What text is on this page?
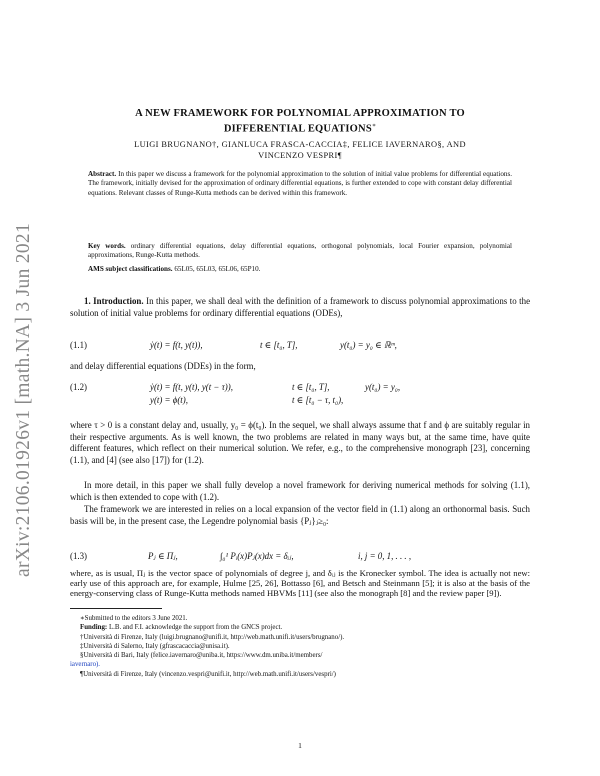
arXiv:2106.01926v1 [math.NA] 3 Jun 2021
A NEW FRAMEWORK FOR POLYNOMIAL APPROXIMATION TO
DIFFERENTIAL EQUATIONS∗
LUIGI BRUGNANO†, GIANLUCA FRASCA-CACCIA‡, FELICE IAVERNARO§, AND
VINCENZO VESPRI¶
Abstract. In this paper we discuss a framework for the polynomial approximation to the solution of initial value problems for differential equations. The framework, initially devised for the approximation of ordinary differential equations, is further extended to cope with constant delay differential equations. Relevant classes of Runge-Kutta methods can be derived within this framework.
Key words. ordinary differential equations, delay differential equations, orthogonal polynomials, local Fourier expansion, polynomial approximations, Runge-Kutta methods.
AMS subject classifications. 65L05, 65L03, 65L06, 65P10.
1. Introduction. In this paper, we shall deal with the definition of a framework to discuss polynomial approximations to the solution of initial value problems for ordinary differential equations (ODEs),
(1.1)	ẏ(t) = f(t, y(t)),	t ∈ [t₀, T],	y(t₀) = y₀ ∈ ℝᵐ,
and delay differential equations (DDEs) in the form,
(1.2)	ẏ(t) = f(t, y(t), y(t − τ)),	t ∈ [t₀, T],	y(t₀) = y₀,
y(t) = ϕ(t),	t ∈ [t₀ − τ, t₀),
where τ > 0 is a constant delay and, usually, y₀ = ϕ(t₀). In the sequel, we shall always assume that f and ϕ are suitably regular in their respective arguments. As is well known, the two problems are related in many ways but, at the same time, have quite different features, which reflect on their numerical solution. We refer, e.g., to the comprehensive monograph [23], concerning (1.1), and [4] (see also [17]) for (1.2).
In more detail, in this paper we shall fully develop a novel framework for deriving numerical methods for solving (1.1), which is then extended to cope with (1.2).
The framework we are interested in relies on a local expansion of the vector field in (1.1) along an orthonormal basis. Such basis will be, in the present case, the Legendre polynomial basis {Pⱼ}ⱼ≥₀:
(1.3)	Pⱼ ∈ Πⱼ,	∫₀¹ Pᵢ(x)Pⱼ(x)dx = δᵢⱼ,	i, j = 0, 1, . . . ,
where, as is usual, Πⱼ is the vector space of polynomials of degree j, and δᵢⱼ is the Kronecker symbol. The idea is actually not new: early use of this approach are, for example, Hulme [25, 26], Bottasso [6], and Betsch and Steinmann [5]; it is also at the basis of the energy-conserving class of Runge-Kutta methods named HBVMs [11] (see also the monograph [8] and the review paper [9]).

∗Submitted to the editors 3 June 2021.

Funding: L.B. and F.I. acknowledge the support from the GNCS project.

†Università di Firenze, Italy (luigi.brugnano@unifi.it, http://web.math.unifi.it/users/brugnano/).

‡Università di Salerno, Italy (gfrascacaccia@unisa.it).

§Università di Bari, Italy (felice.iavernaro@uniba.it, https://www.dm.uniba.it/members/

iavernaro).

¶Università di Firenze, Italy (vincenzo.vespri@unifi.it, http://web.math.unifi.it/users/vespri/)

1
